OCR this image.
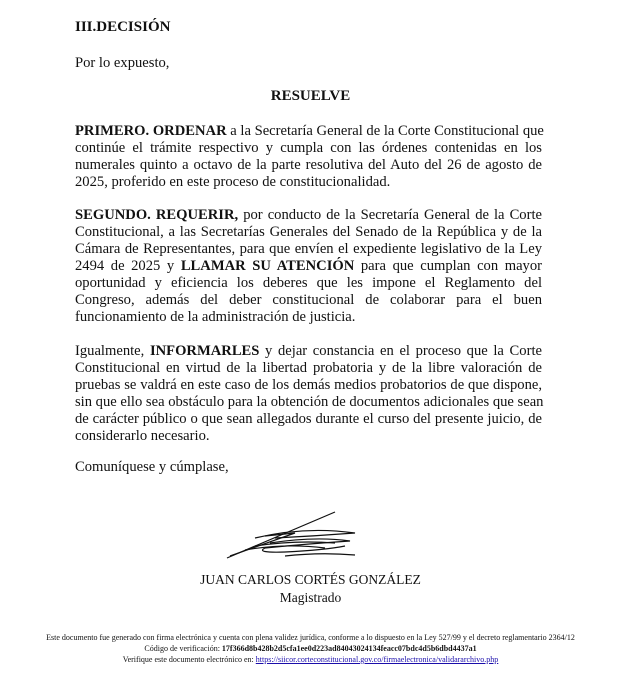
III.DECISIÓN
Por lo expuesto,
RESUELVE
PRIMERO. ORDENAR a la Secretaría General de la Corte Constitucional que
continúe el trámite respectivo y cumpla con las órdenes contenidas en los
numerales quinto a octavo de la parte resolutiva del Auto del 26 de agosto de
2025, proferido en este proceso de constitucionalidad.
SEGUNDO. REQUERIR, por conducto de la Secretaría General de la Corte
Constitucional, a las Secretarías Generales del Senado de la República y de la
Cámara de Representantes, para que envíen el expediente legislativo de la Ley
2494 de 2025 y LLAMAR SU ATENCIÓN para que cumplan con mayor
oportunidad y eficiencia los deberes que les impone el Reglamento del
Congreso, además del deber constitucional de colaborar para el buen
funcionamiento de la administración de justicia.
Igualmente, INFORMARLES y dejar constancia en el proceso que la Corte
Constitucional en virtud de la libertad probatoria y de la libre valoración de
pruebas se valdrá en este caso de los demás medios probatorios de que dispone,
sin que ello sea obstáculo para la obtención de documentos adicionales que sean
de carácter público o que sean allegados durante el curso del presente juicio, de
considerarlo necesario.
Comuníquese y cúmplase,
JUAN CARLOS CORTÉS GONZÁLEZ
Magistrado
Este documento fue generado con firma electrónica y cuenta con plena validez jurídica, conforme a lo dispuesto en la Ley 527/99 y el decreto reglamentario 2364/12
Código de verificación: 17f366d8b428b2d5cfa1ee0d223ad84043024134feacc07bdc4d5b6dbd4437a1
Verifique este documento electrónico en: https://siicor.corteconstitucional.gov.co/firmaelectronica/validararchivo.php
